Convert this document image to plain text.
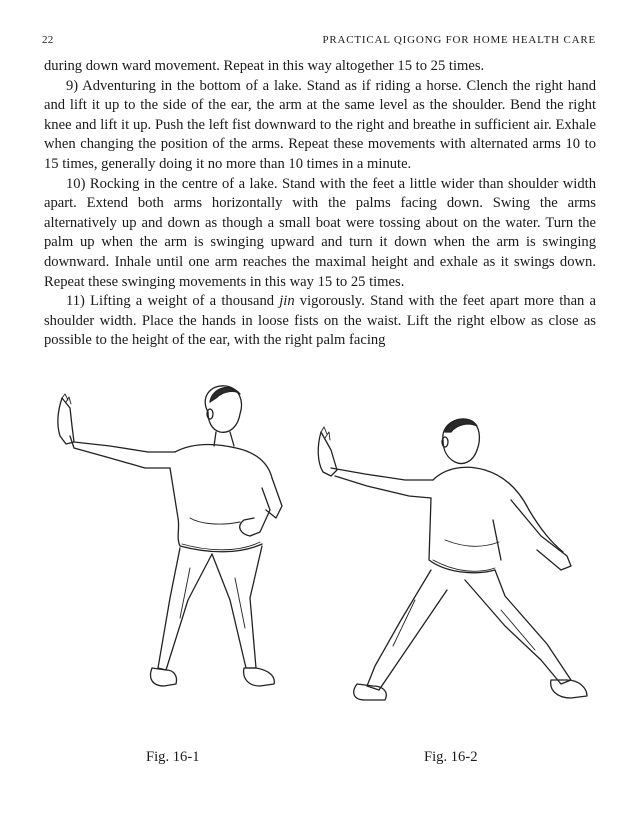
22	PRACTICAL QIGONG FOR HOME HEALTH CARE

during down ward movement. Repeat in this way altogether 15 to 25 times.

9) Adventuring in the bottom of a lake. Stand as if riding a horse. Clench the right hand and lift it up to the side of the ear, the arm at the same level as the shoulder. Bend the right knee and lift it up. Push the left fist downward to the right and breathe in sufficient air. Exhale when changing the position of the arms. Repeat these movements with alternated arms 10 to 15 times, generally doing it no more than 10 times in a minute.

10) Rocking in the centre of a lake. Stand with the feet a little wider than shoulder width apart. Extend both arms horizontally with the palms facing down. Swing the arms alternatively up and down as though a small boat were tossing about on the water. Turn the palm up when the arm is swinging upward and turn it down when the arm is swinging downward. Inhale until one arm reaches the maximal height and exhale as it swings down. Repeat these swinging movements in this way 15 to 25 times.

11) Lifting a weight of a thousand jin vigorously. Stand with the feet apart more than a shoulder width. Place the hands in loose fists on the waist. Lift the right elbow as close as possible to the height of the ear, with the right palm facing

Fig. 16-1	Fig. 16-2
